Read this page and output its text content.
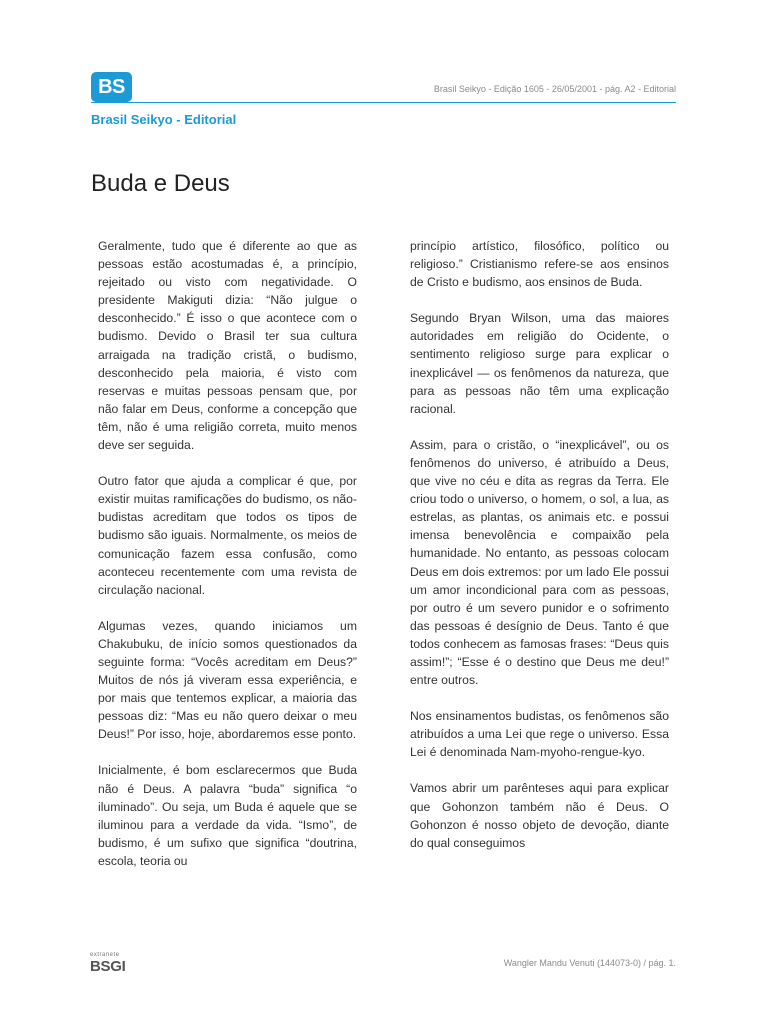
BS	Brasil Seikyo - Edição 1605 - 26/05/2001 - pág. A2 - Editorial
Brasil Seikyo - Editorial
Buda e Deus

Geralmente, tudo que é diferente ao que as pessoas estão acostumadas é, a princípio, rejeitado ou visto com negatividade. O presidente Makiguti dizia: “Não julgue o desconhecido.” É isso o que acontece com o budismo. Devido o Brasil ter sua cultura arraigada na tradição cristã, o budismo, desconhecido pela maioria, é visto com reservas e muitas pessoas pensam que, por não falar em Deus, conforme a concepção que têm, não é uma religião correta, muito menos deve ser seguida.

Outro fator que ajuda a complicar é que, por existir muitas ramificações do budismo, os não-budistas acreditam que todos os tipos de budismo são iguais. Normalmente, os meios de comunicação fazem essa confusão, como aconteceu recentemente com uma revista de circulação nacional.

Algumas vezes, quando iniciamos um Chakubuku, de início somos questionados da seguinte forma: “Vocês acreditam em Deus?” Muitos de nós já viveram essa experiência, e por mais que tentemos explicar, a maioria das pessoas diz: “Mas eu não quero deixar o meu Deus!” Por isso, hoje, abordaremos esse ponto.

Inicialmente, é bom esclarecermos que Buda não é Deus. A palavra “buda” significa “o iluminado”. Ou seja, um Buda é aquele que se iluminou para a verdade da vida. “Ismo”, de budismo, é um sufixo que significa “doutrina, escola, teoria ou

princípio artístico, filosófico, político ou religioso.” Cristianismo refere-se aos ensinos de Cristo e budismo, aos ensinos de Buda.

Segundo Bryan Wilson, uma das maiores autoridades em religião do Ocidente, o sentimento religioso surge para explicar o inexplicável — os fenômenos da natureza, que para as pessoas não têm uma explicação racional.

Assim, para o cristão, o “inexplicável”, ou os fenômenos do universo, é atribuído a Deus, que vive no céu e dita as regras da Terra. Ele criou todo o universo, o homem, o sol, a lua, as estrelas, as plantas, os animais etc. e possui imensa benevolência e compaixão pela humanidade. No entanto, as pessoas colocam Deus em dois extremos: por um lado Ele possui um amor incondicional para com as pessoas, por outro é um severo punidor e o sofrimento das pessoas é desígnio de Deus. Tanto é que todos conhecem as famosas frases: “Deus quis assim!”; “Esse é o destino que Deus me deu!” entre outros.

Nos ensinamentos budistas, os fenômenos são atribuídos a uma Lei que rege o universo. Essa Lei é denominada Nam-myoho-rengue-kyo.

Vamos abrir um parênteses aqui para explicar que Gohonzon também não é Deus. O Gohonzon é nosso objeto de devoção, diante do qual conseguimos

extranete
BSGI	Wangler Mandu Venuti (144073-0) / pág. 1.
